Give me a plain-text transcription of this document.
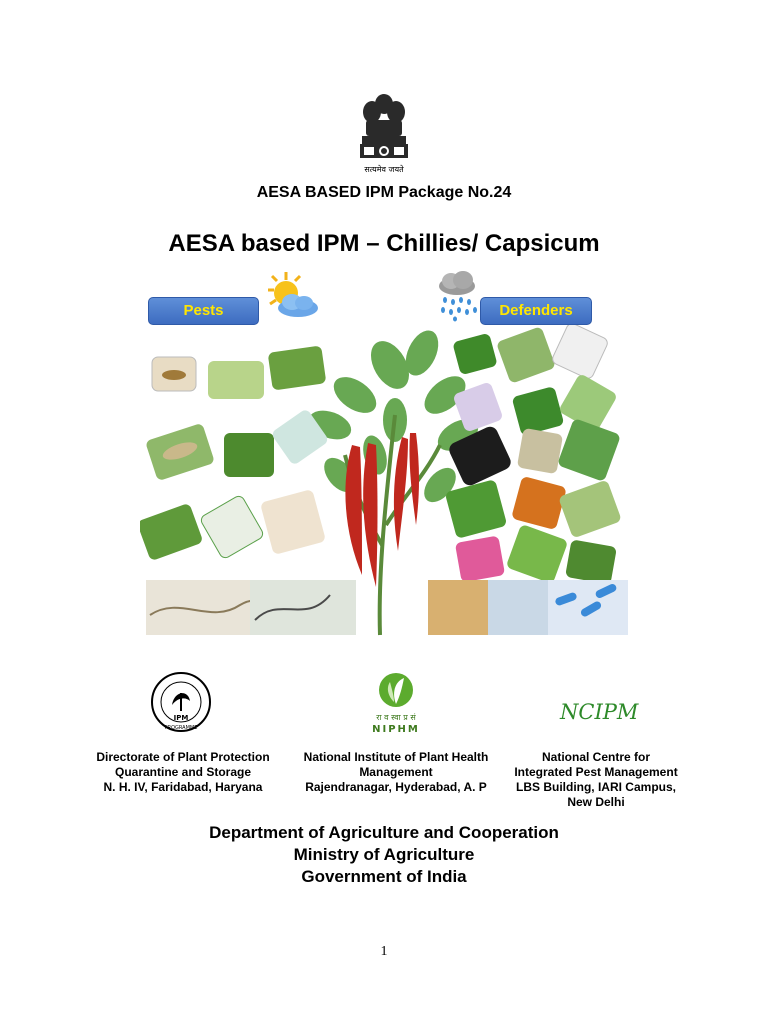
सत्यमेव जयते
AESA BASED IPM Package No.24
AESA based IPM – Chillies/ Capsicum
Pests	Defenders
IPM
PROGRAMME
रा व स्वा प्र सं
NIPHM
NCIPM
Directorate of Plant Protection
Quarantine and Storage
N. H. IV, Faridabad, Haryana
National Institute of Plant Health
Management
Rajendranagar, Hyderabad, A. P
National Centre for
Integrated Pest Management
LBS Building, IARI Campus,
New Delhi
Department of Agriculture and Cooperation
Ministry of Agriculture
Government of India
1
